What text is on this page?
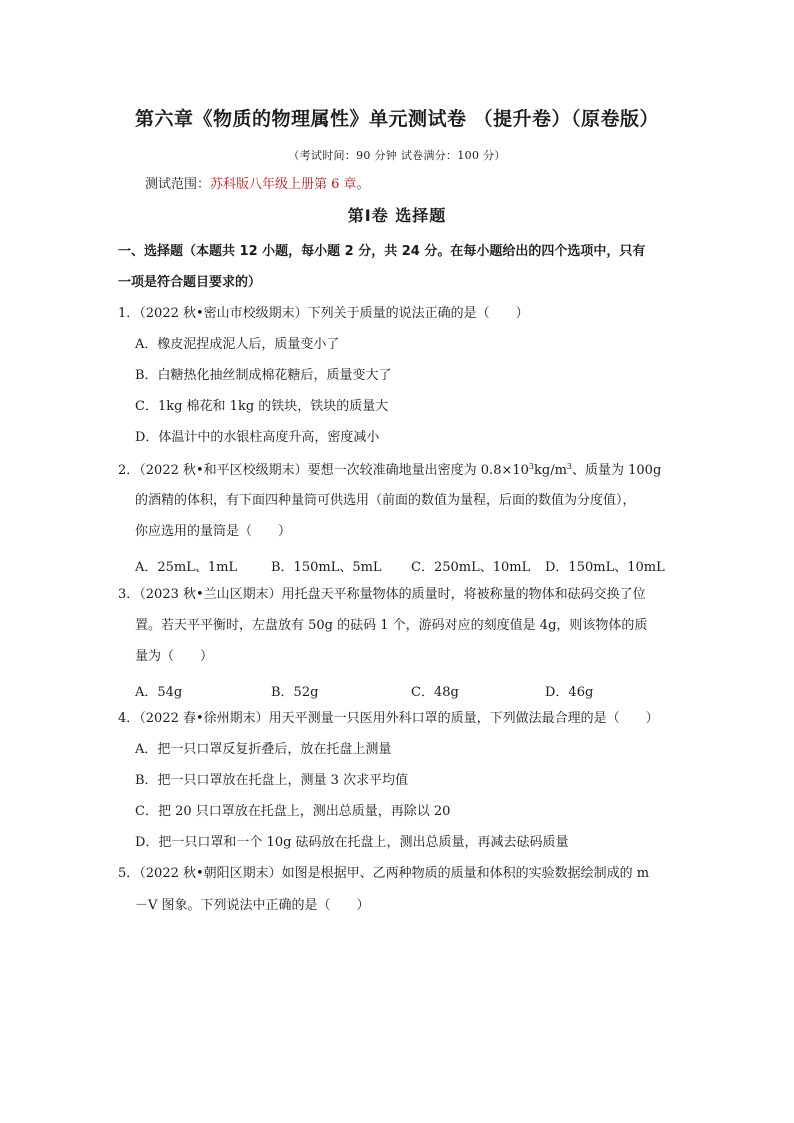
第六章《物质的物理属性》单元测试卷 （提升卷）（原卷版）
（考试时间：90 分钟 试卷满分：100 分）
测试范围：苏科版八年级上册第 6 章。
第Ⅰ卷 选择题
一、选择题（本题共 12 小题，每小题 2 分，共 24 分。在每小题给出的四个选项中，只有
一项是符合题目要求的）
1．（2022 秋•密山市校级期末）下列关于质量的说法正确的是（　　）
A．橡皮泥捏成泥人后，质量变小了
B．白糖热化抽丝制成棉花糖后，质量变大了
C．1kg 棉花和 1kg 的铁块，铁块的质量大
D．体温计中的水银柱高度升高，密度减小
2．（2022 秋•和平区校级期末）要想一次较准确地量出密度为 $0.8\times 10^3kg/m^3$、质量为 100g
的酒精的体积，有下面四种量筒可供选用（前面的数值为量程，后面的数值为分度值），
你应选用的量筒是（　　）
A．25mL、1mL	B．150mL、5mL C．250mL、10mL D．150mL、10mL
3．（2023 秋•兰山区期末）用托盘天平称量物体的质量时，将被称量的物体和砝码交换了位
置。若天平平衡时，左盘放有 50g 的砝码 1 个，游码对应的刻度值是 4g，则该物体的质
量为（　　）
A．54g	B．52g	C．48g	D．46g
4．（2022 春•徐州期末）用天平测量一只医用外科口罩的质量，下列做法最合理的是（　　）
A．把一只口罩反复折叠后，放在托盘上测量
B．把一只口罩放在托盘上，测量 3 次求平均值
C．把 20 只口罩放在托盘上，测出总质量，再除以 20
D．把一只口罩和一个 10g 砝码放在托盘上，测出总质量，再减去砝码质量
5．（2022 秋•朝阳区期末）如图是根据甲、乙两种物质的质量和体积的实验数据绘制成的 m
－V 图象。下列说法中正确的是（　　）
